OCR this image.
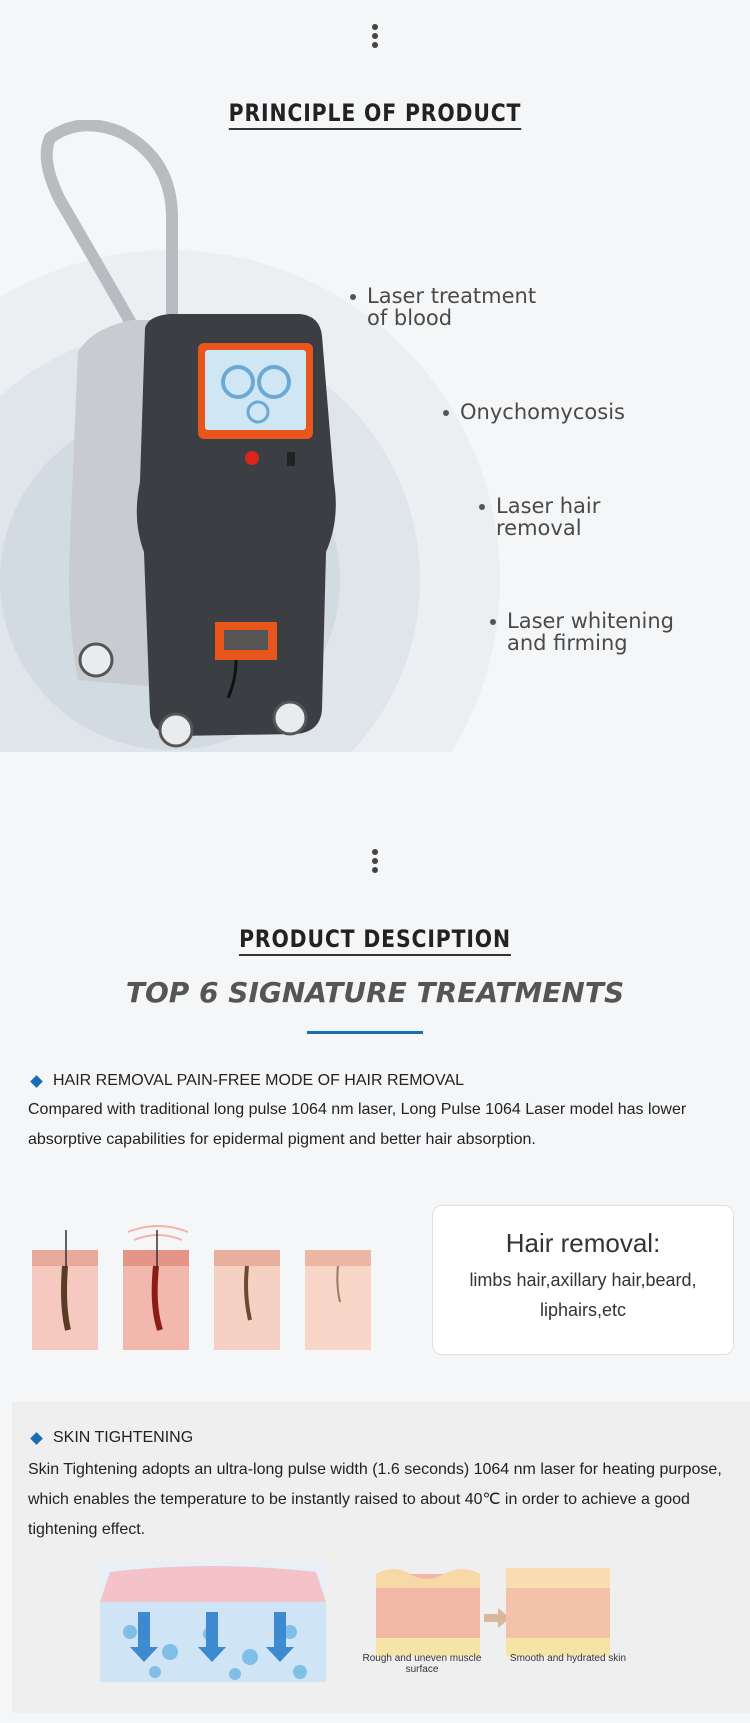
PRINCIPLE OF PRODUCT
Laser treatment
of blood
Onychomycosis
Laser hair
removal
Laser whitening
and firming
PRODUCT DESCIPTION
TOP 6 SIGNATURE TREATMENTS
HAIR REMOVAL PAIN-FREE MODE OF HAIR REMOVAL
Compared with traditional long pulse 1064 nm laser, Long Pulse 1064 Laser model has lower absorptive capabilities for epidermal pigment and better hair absorption.
Hair removal:
limbs hair,axillary hair,beard,
liphairs,etc
SKIN TIGHTENING
Skin Tightening adopts an ultra-long pulse width (1.6 seconds) 1064 nm laser for heating purpose, which enables the temperature to be instantly raised to about 40℃ in order to achieve a good tightening effect.
Rough and uneven muscle surface
Smooth and hydrated skin
